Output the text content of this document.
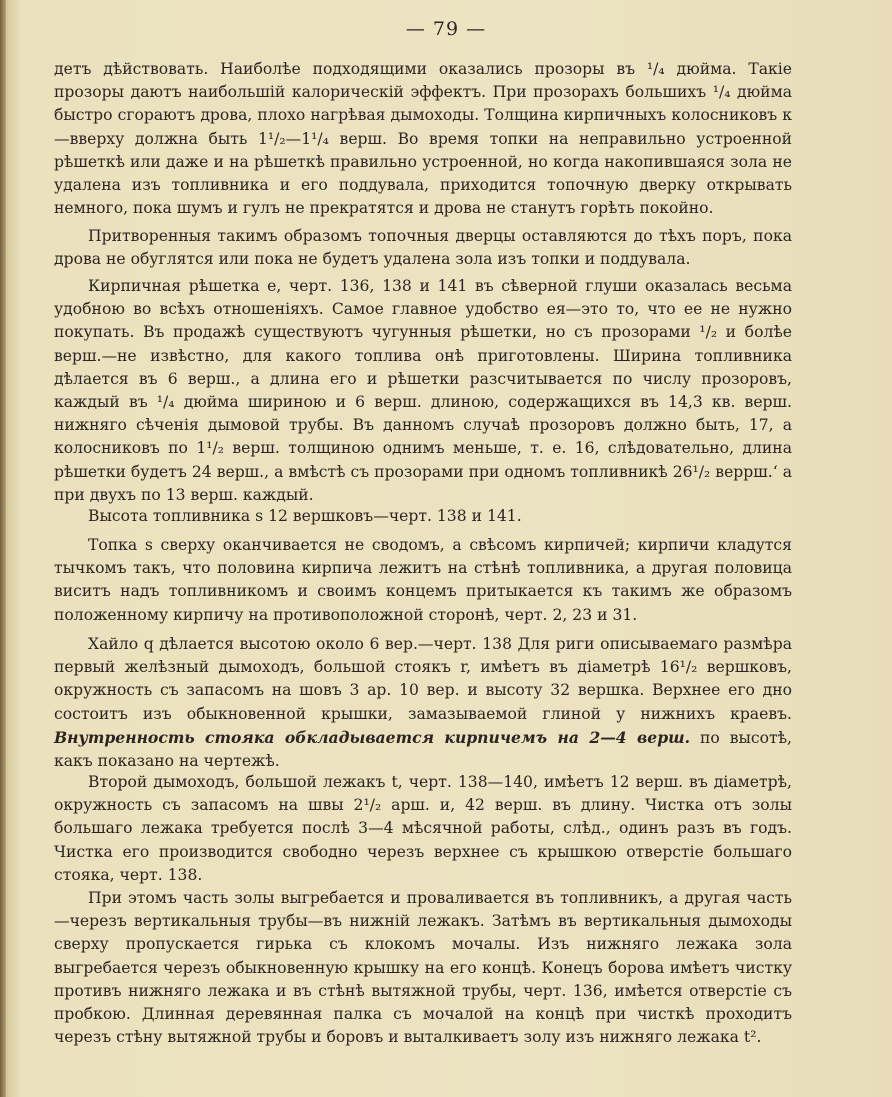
— 79 —

детъ дѣйствовать. Наиболѣе подходящими оказались прозоры въ ¹/₄ дюйма. Такіе прозоры даютъ наибольшій калорическій эффектъ. При прозорахъ большихъ ¹/₄ дюйма быстро сгораютъ дрова, плохо нагрѣвая дымоходы. Толщина кирпичныхъ колосниковъ к—вверху должна быть 1¹/₂—1¹/₄ верш. Во время топки на неправильно устроенной рѣшеткѣ или даже и на рѣшеткѣ правильно устроенной, но когда накопившаяся зола не удалена изъ топливника и его поддувала, приходится топочную дверку открывать немного, пока шумъ и гулъ не прекратятся и дрова не станутъ горѣть покойно.

Притворенныя такимъ образомъ топочныя дверцы оставляются до тѣхъ поръ, пока дрова не обуглятся или пока не будетъ удалена зола изъ топки и поддувала.

Кирпичная рѣшетка e, черт. 136, 138 и 141 въ сѣверной глуши оказалась весьма удобною во всѣхъ отношеніяхъ. Самое главное удобство ея—это то, что ее не нужно покупать. Въ продажѣ существуютъ чугунныя рѣшетки, но съ прозорами ¹/₂ и болѣе верш.—не извѣстно, для какого топлива онѣ приготовлены. Ширина топливника дѣлается въ 6 верш., а длина его и рѣшетки разсчитывается по числу прозоровъ, каждый въ ¹/₄ дюйма шириною и 6 верш. длиною, содержащихся въ 14,3 кв. верш. нижняго сѣченія дымовой трубы. Въ данномъ случаѣ прозоровъ должно быть, 17, а колосниковъ по 1¹/₂ верш. толщиною однимъ меньше, т. е. 16, слѣдовательно, длина рѣшетки будетъ 24 верш., а вмѣстѣ съ прозорами при одномъ топливникѣ 26¹/₂ веррш.‘ а при двухъ по 13 верш. каждый.

Высота топливника s 12 вершковъ—черт. 138 и 141.

Топка s сверху оканчивается не сводомъ, а свѣсомъ кирпичей; кирпичи кладутся тычкомъ такъ, что половина кирпича лежитъ на стѣнѣ топливника, а другая половица виситъ надъ топливникомъ и своимъ концемъ притыкается къ такимъ же образомъ положенному кирпичу на противоположной сторонѣ, черт. 2, 23 и 31.

Хайло q дѣлается высотою около 6 вер.—черт. 138 Для риги описываемаго размѣра первый желѣзный дымоходъ, большой стоякъ r, имѣетъ въ діаметрѣ 16¹/₂ вершковъ, окружность съ запасомъ на шовъ 3 ар. 10 вер. и высоту 32 вершка. Верхнее его дно состоитъ изъ обыкновенной крышки, замазываемой глиной у нижнихъ краевъ. Внутренность стояка обкладывается кирпичемъ на 2—4 верш. по высотѣ, какъ показано на чертежѣ.

Второй дымоходъ, большой лежакъ t, черт. 138—140, имѣетъ 12 верш. въ діаметрѣ, окружность съ запасомъ на швы 2¹/₂ арш. и, 42 верш. въ длину. Чистка отъ золы большаго лежака требуется послѣ 3—4 мѣсячной работы, слѣд., одинъ разъ въ годъ. Чистка его производится свободно черезъ верхнее съ крышкою отверстіе большаго стояка, черт. 138.

При этомъ часть золы выгребается и проваливается въ топливникъ, а другая часть—черезъ вертикальныя трубы—въ нижній лежакъ. Затѣмъ въ вертикальныя дымоходы сверху пропускается гирька съ клокомъ мочалы. Изъ нижняго лежака зола выгребается черезъ обыкновенную крышку на его концѣ. Конецъ борова имѣетъ чистку противъ нижняго лежака и въ стѣнѣ вытяжной трубы, черт. 136, имѣется отверстіе съ пробкою. Длинная деревянная палка съ мочалой на концѣ при чисткѣ проходитъ черезъ стѣну вытяжной трубы и боровъ и выталкиваетъ золу изъ нижняго лежака t².
